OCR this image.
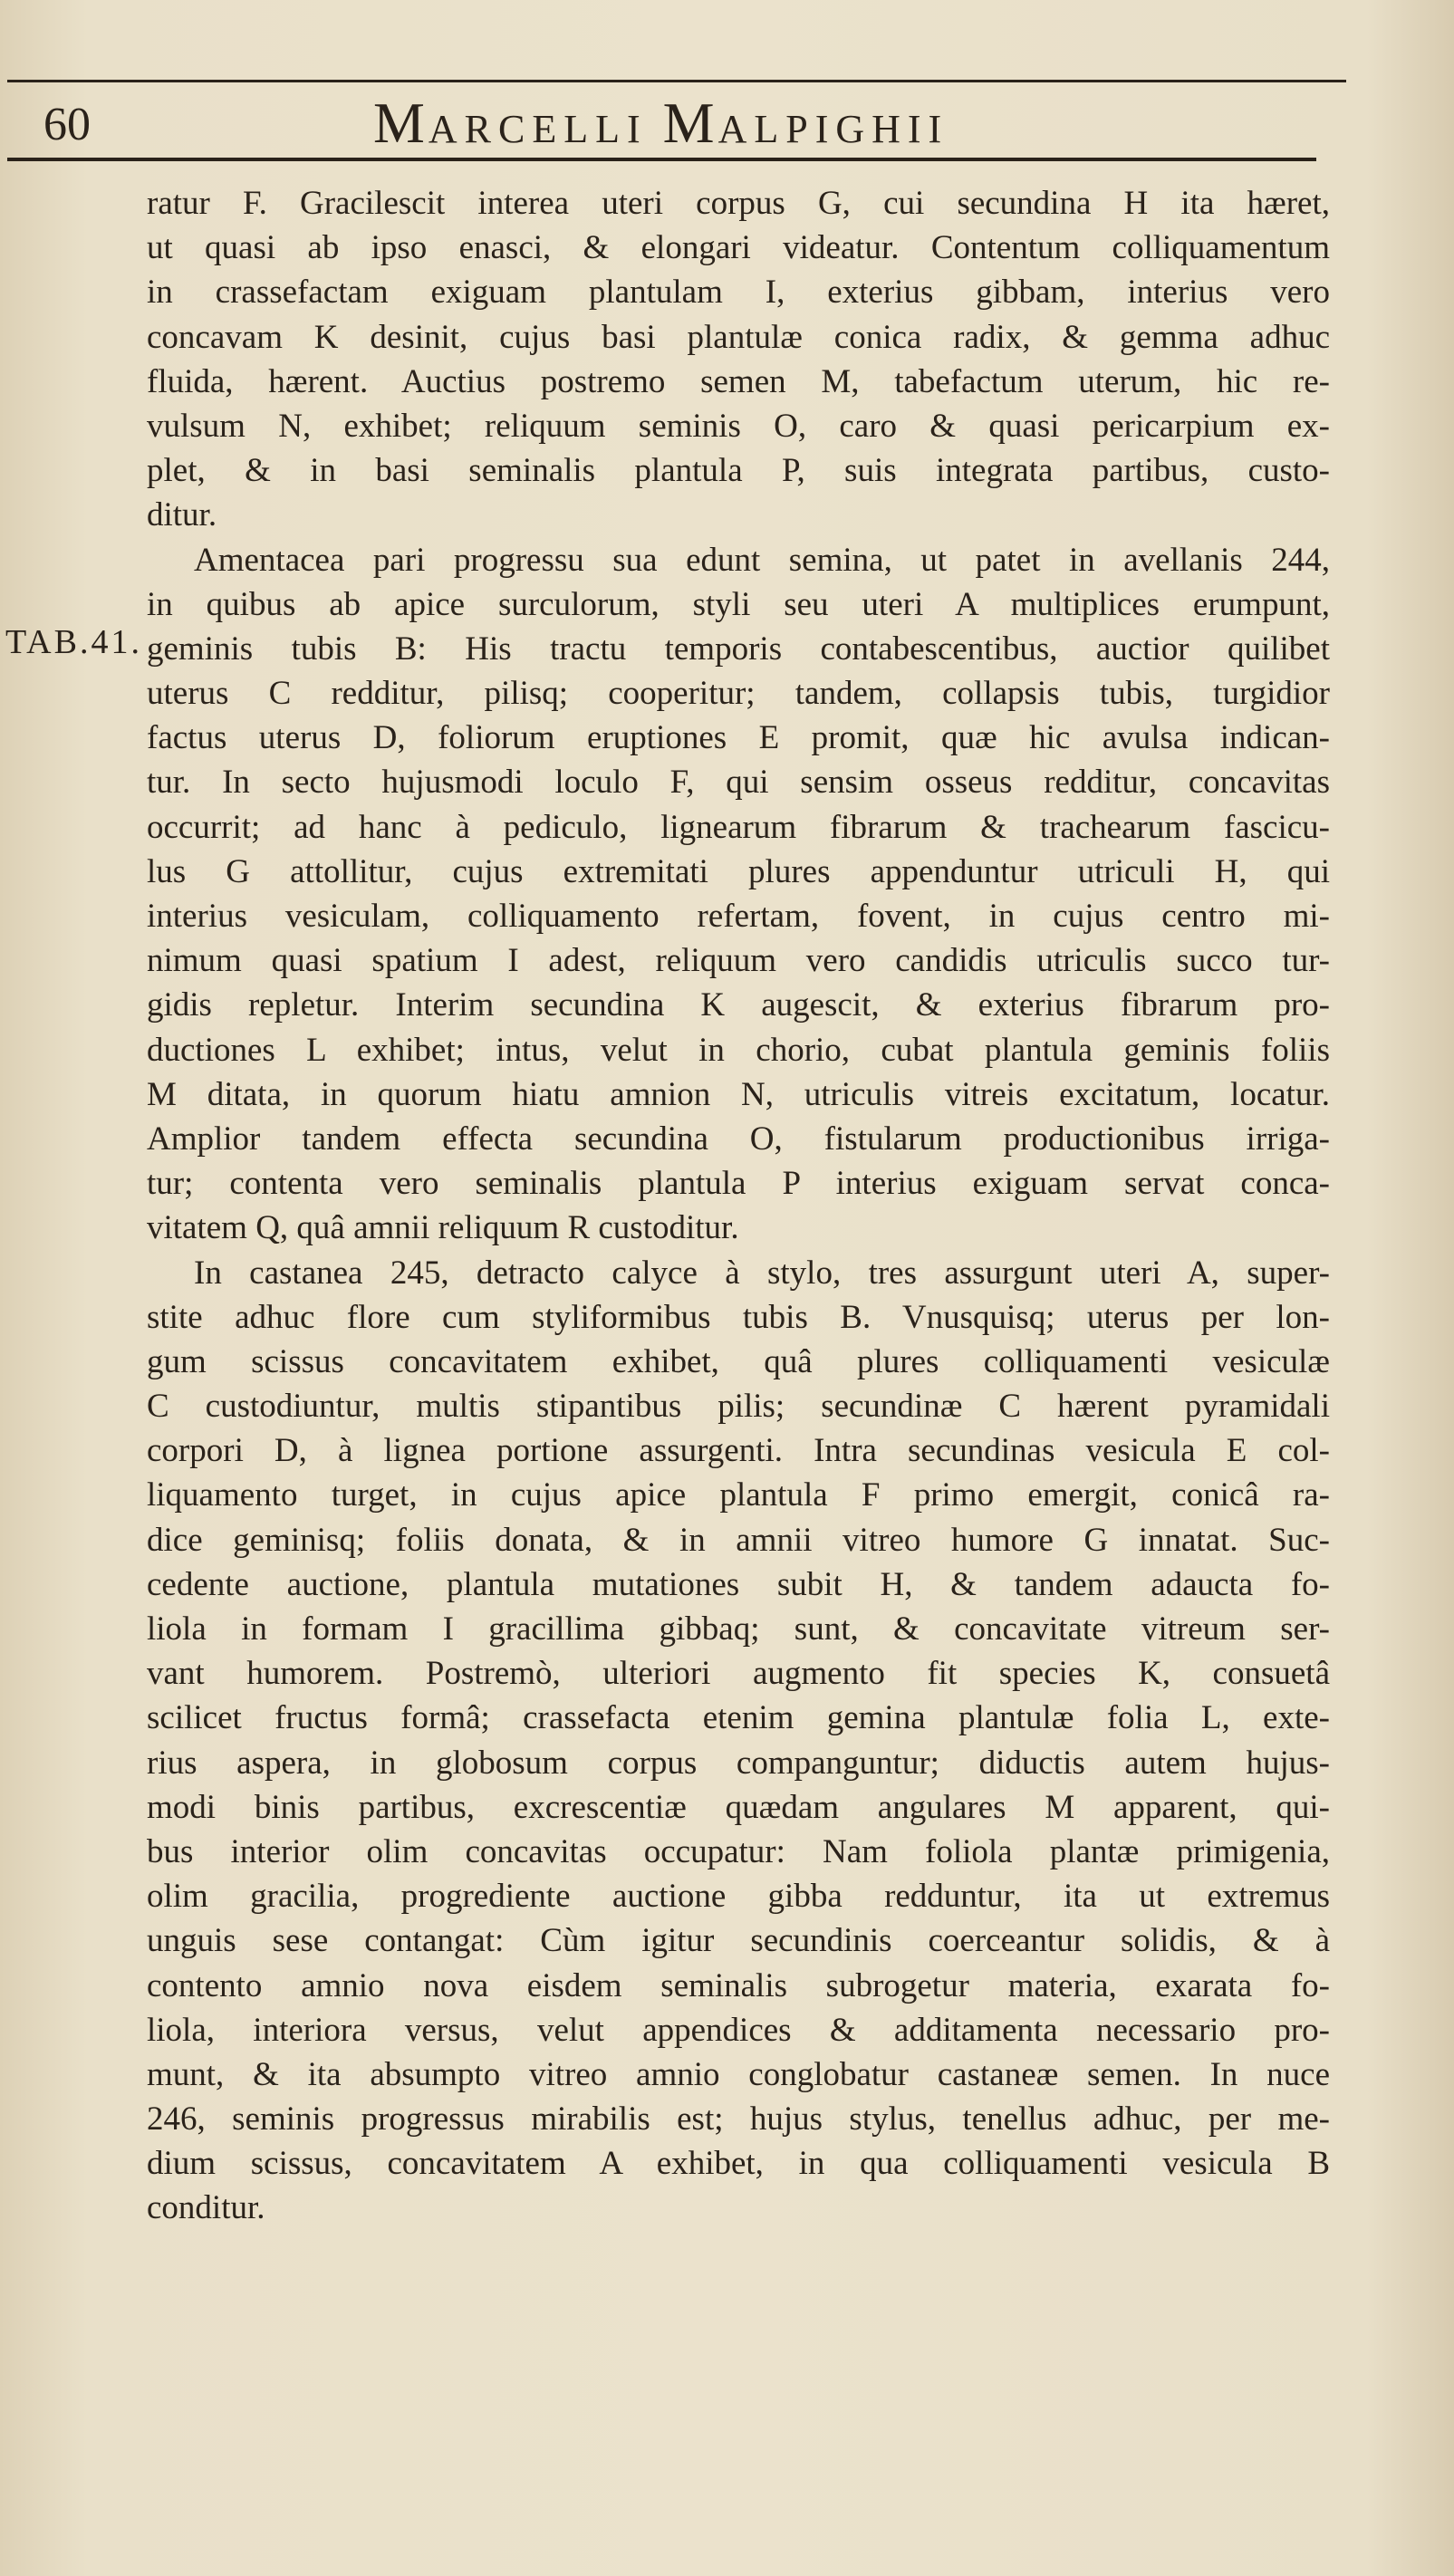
60	MARCELLI MALPIGHII
TAB.41.
ratur F. Gracilescit interea uteri corpus G, cui secundina H ita hæret,
ut quasi ab ipso enasci, & elongari videatur. Contentum colliquamentum
in crassefactam exiguam plantulam I, exterius gibbam, interius vero
concavam K desinit, cujus basi plantulæ conica radix, & gemma adhuc
fluida, hærent. Auctius postremo semen M, tabefactum uterum, hic re-
vulsum N, exhibet; reliquum seminis O, caro & quasi pericarpium ex-
plet, & in basi seminalis plantula P, suis integrata partibus, custo-
ditur.
Amentacea pari progressu sua edunt semina, ut patet in avellanis 244,
in quibus ab apice surculorum, styli seu uteri A multiplices erumpunt,
geminis tubis B: His tractu temporis contabescentibus, auctior quilibet
uterus C redditur, pilisq; cooperitur; tandem, collapsis tubis, turgidior
factus uterus D, foliorum eruptiones E promit, quæ hic avulsa indican-
tur. In secto hujusmodi loculo F, qui sensim osseus redditur, concavitas
occurrit; ad hanc à pediculo, lignearum fibrarum & trachearum fascicu-
lus G attollitur, cujus extremitati plures appenduntur utriculi H, qui
interius vesiculam, colliquamento refertam, fovent, in cujus centro mi-
nimum quasi spatium I adest, reliquum vero candidis utriculis succo tur-
gidis repletur. Interim secundina K augescit, & exterius fibrarum pro-
ductiones L exhibet; intus, velut in chorio, cubat plantula geminis foliis
M ditata, in quorum hiatu amnion N, utriculis vitreis excitatum, locatur.
Amplior tandem effecta secundina O, fistularum productionibus irriga-
tur; contenta vero seminalis plantula P interius exiguam servat conca-
vitatem Q, quâ amnii reliquum R custoditur.
In castanea 245, detracto calyce à stylo, tres assurgunt uteri A, super-
stite adhuc flore cum styliformibus tubis B. Vnusquisq; uterus per lon-
gum scissus concavitatem exhibet, quâ plures colliquamenti vesiculæ
C custodiuntur, multis stipantibus pilis; secundinæ C hærent pyramidali
corpori D, à lignea portione assurgenti. Intra secundinas vesicula E col-
liquamento turget, in cujus apice plantula F primo emergit, conicâ ra-
dice geminisq; foliis donata, & in amnii vitreo humore G innatat. Suc-
cedente auctione, plantula mutationes subit H, & tandem adaucta fo-
liola in formam I gracillima gibbaq; sunt, & concavitate vitreum ser-
vant humorem. Postremò, ulteriori augmento fit species K, consuetâ
scilicet fructus formâ; crassefacta etenim gemina plantulæ folia L, exte-
rius aspera, in globosum corpus companguntur; diductis autem hujus-
modi binis partibus, excrescentiæ quædam angulares M apparent, qui-
bus interior olim concavitas occupatur: Nam foliola plantæ primigenia,
olim gracilia, progrediente auctione gibba redduntur, ita ut extremus
unguis sese contangat: Cùm igitur secundinis coerceantur solidis, & à
contento amnio nova eisdem seminalis subrogetur materia, exarata fo-
liola, interiora versus, velut appendices & additamenta necessario pro-
munt, & ita absumpto vitreo amnio conglobatur castaneæ semen. In nuce
246, seminis progressus mirabilis est; hujus stylus, tenellus adhuc, per me-
dium scissus, concavitatem A exhibet, in qua colliquamenti vesicula B
conditur.
